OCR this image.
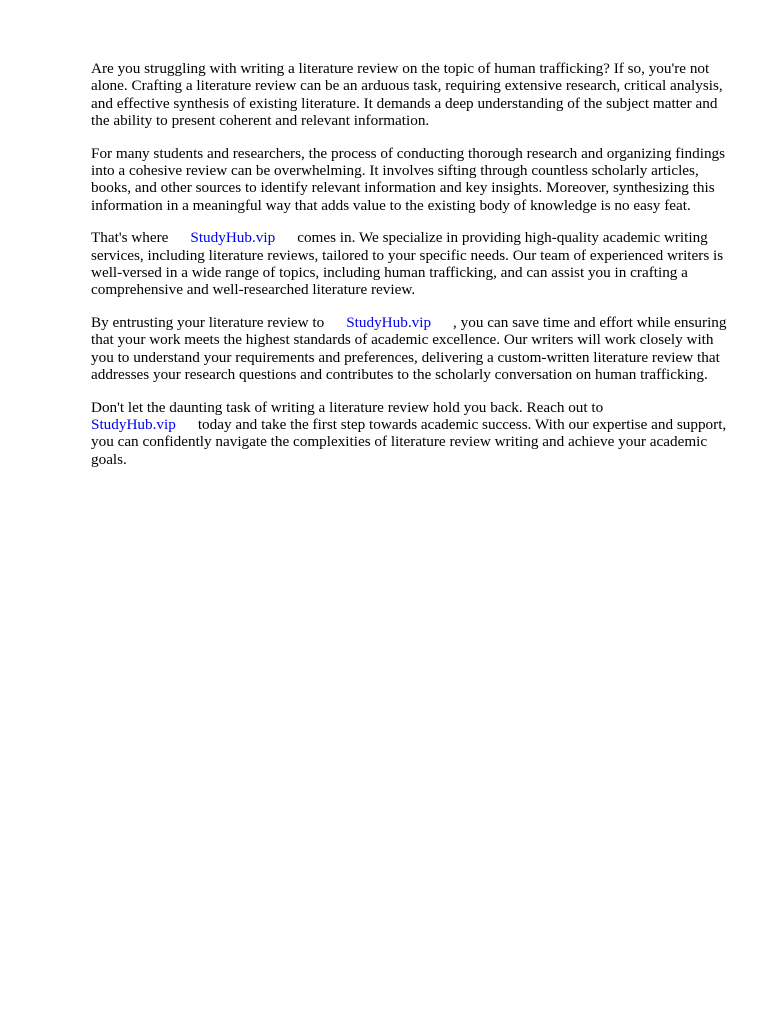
Are you struggling with writing a literature review on the topic of human trafficking? If so, you're not alone. Crafting a literature review can be an arduous task, requiring extensive research, critical analysis, and effective synthesis of existing literature. It demands a deep understanding of the subject matter and the ability to present coherent and relevant information.

For many students and researchers, the process of conducting thorough research and organizing findings into a cohesive review can be overwhelming. It involves sifting through countless scholarly articles, books, and other sources to identify relevant information and key insights. Moreover, synthesizing this information in a meaningful way that adds value to the existing body of knowledge is no easy feat.

That's where StudyHub.vip comes in. We specialize in providing high-quality academic writing services, including literature reviews, tailored to your specific needs. Our team of experienced writers is well-versed in a wide range of topics, including human trafficking, and can assist you in crafting a comprehensive and well-researched literature review.

By entrusting your literature review to StudyHub.vip , you can save time and effort while ensuring that your work meets the highest standards of academic excellence. Our writers will work closely with you to understand your requirements and preferences, delivering a custom-written literature review that addresses your research questions and contributes to the scholarly conversation on human trafficking.

Don't let the daunting task of writing a literature review hold you back. Reach out to StudyHub.vip today and take the first step towards academic success. With our expertise and support, you can confidently navigate the complexities of literature review writing and achieve your academic goals.
